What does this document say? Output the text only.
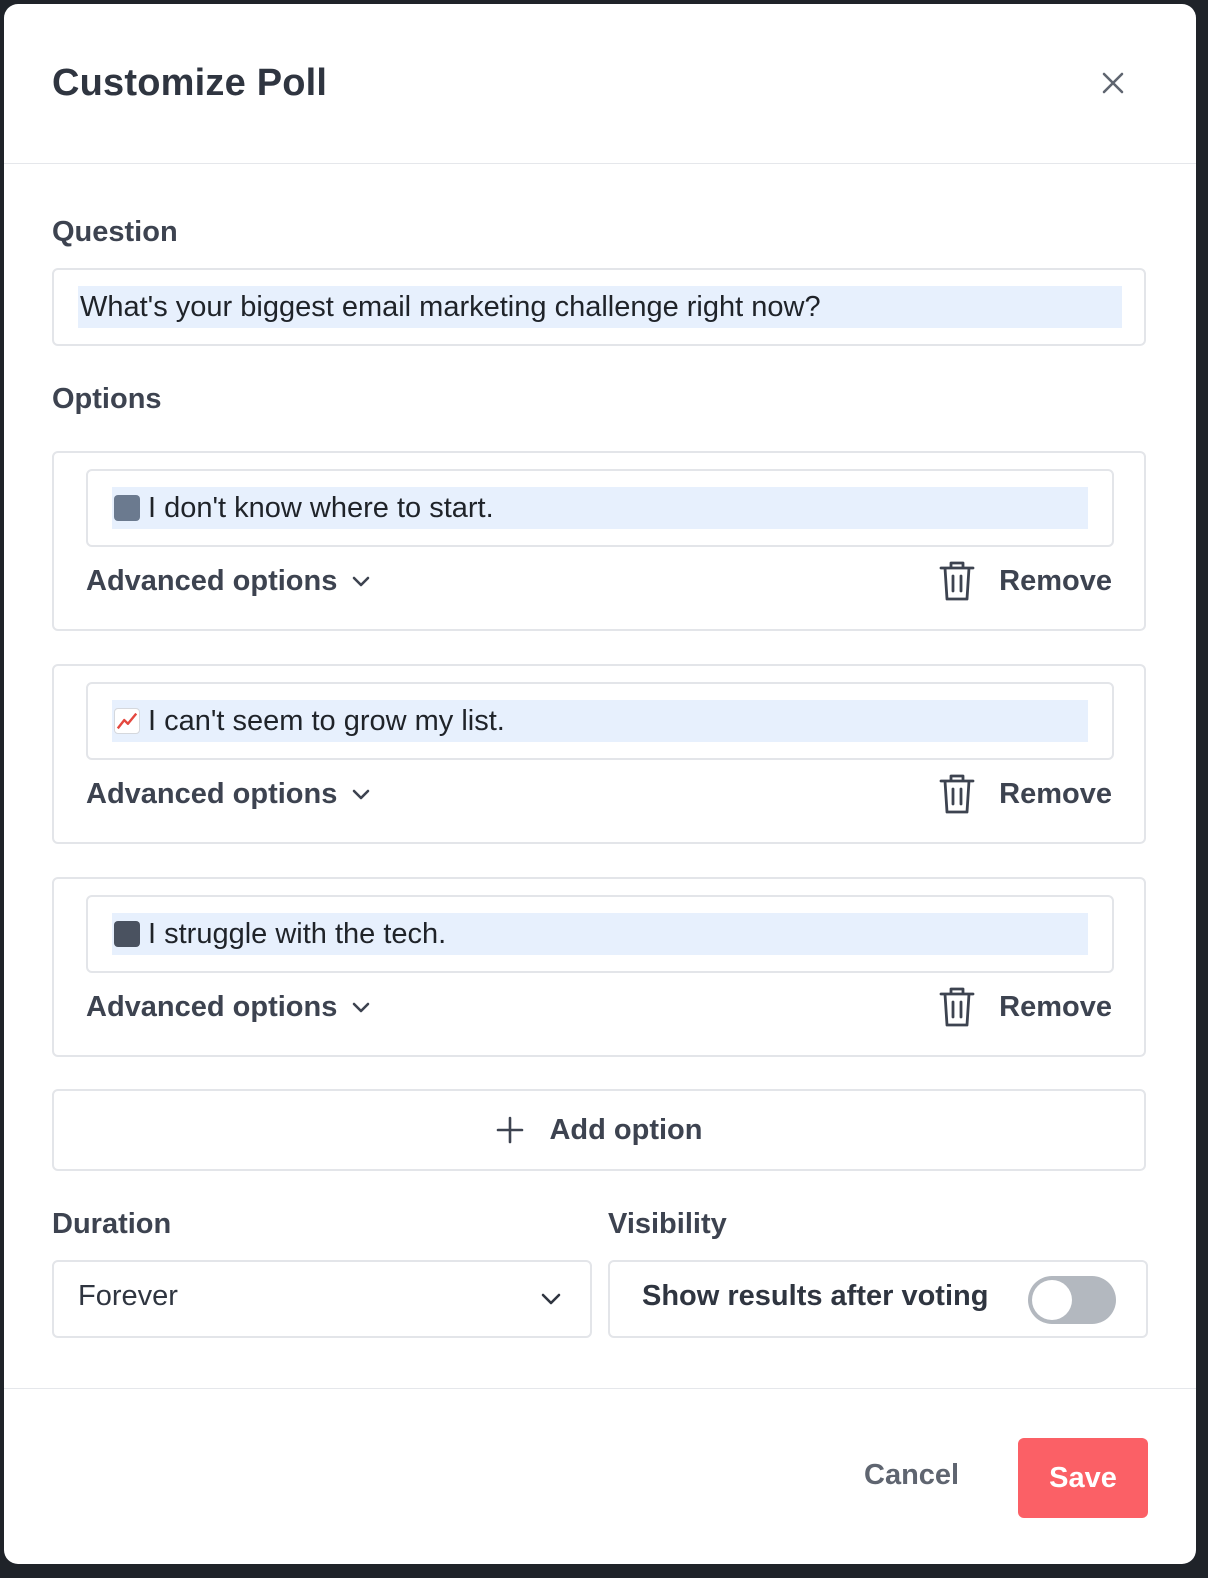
Customize Poll
Question
What's your biggest email marketing challenge right now?
Options
I don't know where to start.
Advanced options	Remove
I can't seem to grow my list.
Advanced options	Remove
I struggle with the tech.
Advanced options	Remove
Add option
Duration	Visibility
Forever	Show results after voting
Cancel	Save
